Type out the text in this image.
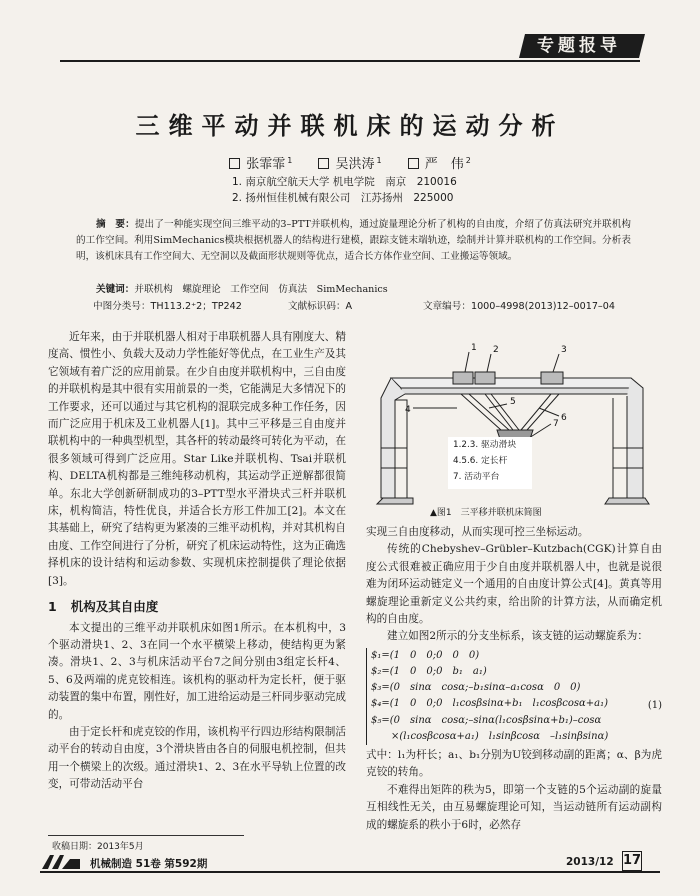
专题报导
三维平动并联机床的运动分析
张霏霏 $^1$	吴洪涛 $^1$	严　伟 $^2$
1. 南京航空航天大学 机电学院　南京　210016
2. 扬州恒佳机械有限公司　江苏扬州　225000
摘　要：提出了一种能实现空间三维平动的3–PTT并联机构，通过旋量理论分析了机构的自由度，介绍了仿真法研究并联机构的工作空间。利用SimMechanics模块根据机器人的结构进行建模，跟踪支链末端轨迹，绘制并计算并联机构的工作空间。分析表明，该机床具有工作空间大、无空洞以及截面形状规则等优点，适合长方体作业空间、工业搬运等领域。
关键词：并联机构　螺旋理论　工作空间　仿真法　SimMechanics
中图分类号：TH113.2⁺2；TP242	文献标识码：A	文章编号：1000–4998(2013)12–0017–04

近年来，由于并联机器人相对于串联机器人具有刚度大、精度高、惯性小、负载大及动力学性能好等优点，在工业生产及其它领域有着广泛的应用前景。在少自由度并联机构中，三自由度的并联机构是其中很有实用前景的一类，它能满足大多情况下的工作要求，还可以通过与其它机构的混联完成多种工作任务，因而广泛应用于机床及工业机器人[1]。其中三平移是三自由度并联机构中的一种典型机型，其各杆的转动最终可转化为平动，在很多领域可得到广泛应用。Star Like并联机构、Tsai并联机构、DELTA机构都是三维纯移动机构，其运动学正逆解都很简单。东北大学创新研制成功的3–PTT型水平滑块式三杆并联机床，机构简洁，特性优良，并适合长方形工件加工[2]。本文在其基础上，研究了结构更为紧凑的三维平动机构，并对其机构自由度、工作空间进行了分析，研究了机床运动特性，这为正确选择机床的设计结构和运动参数、实现机床控制提供了理论依据[3]。

1 机构及其自由度

本文提出的三维平动并联机床如图1所示。在本机构中，3个驱动滑块1、2、3在同一个水平横梁上移动，使结构更为紧凑。滑块1、2、3与机床活动平台7之间分别由3组定长杆4、5、6及两端的虎克铰相连。该机构的驱动杆为定长杆，便于驱动装置的集中布置，刚性好，加工进给运动是三杆同步驱动完成的。

由于定长杆和虎克铰的作用，该机构平行四边形结构限制活动平台的转动自由度，3个滑块皆由各自的伺服电机控制，但共用一个横梁上的次级。通过滑块1、2、3在水平导轨上位置的改变，可带动活动平台

1 2	3
4
5
6
7
1.2.3. 驱动滑块
4.5.6. 定长杆
7. 活动平台
▲图1　三平移并联机床简图

实现三自由度移动，从而实现可控三坐标运动。

传统的Chebyshev–Grübler–Kutzbach(CGK)计算自由度公式很难被正确应用于少自由度并联机器人中，也就是说很难为闭环运动链定义一个通用的自由度计算公式[4]。黄真等用螺旋理论重新定义公共约束，给出阶的计算方法，从而确定机构的自由度。

建立如图2所示的分支坐标系，该支链的运动螺旋系为：

$₁=(1　0　0;0　0　0)
$₂=(1　0　0;0　b₁　a₁)
$₃=(0　sinα　cosα;–b₁sinα–a₁cosα　0　0)
$₄=(1　0　0;0　l₁cosβsinα+b₁　l₁cosβcosα+a₁)
$₅=(0　sinα　cosα;–sinα(l₁cosβsinα+b₁)–cosα
　　×(l₁cosβcosα+a₁)　l₁sinβcosα　–l₁sinβsinα)
(1)

式中：l₁为杆长；a₁、b₁分别为U铰到移动副的距离；α、β为虎克铰的转角。

不难得出矩阵的秩为5，即第一个支链的5个运动副的旋量互相线性无关，由互易螺旋理论可知，当运动链所有运动副构成的螺旋系的秩小于6时，必然存

收稿日期：2013年5月
机械制造 51卷 第592期	2013/12 17
